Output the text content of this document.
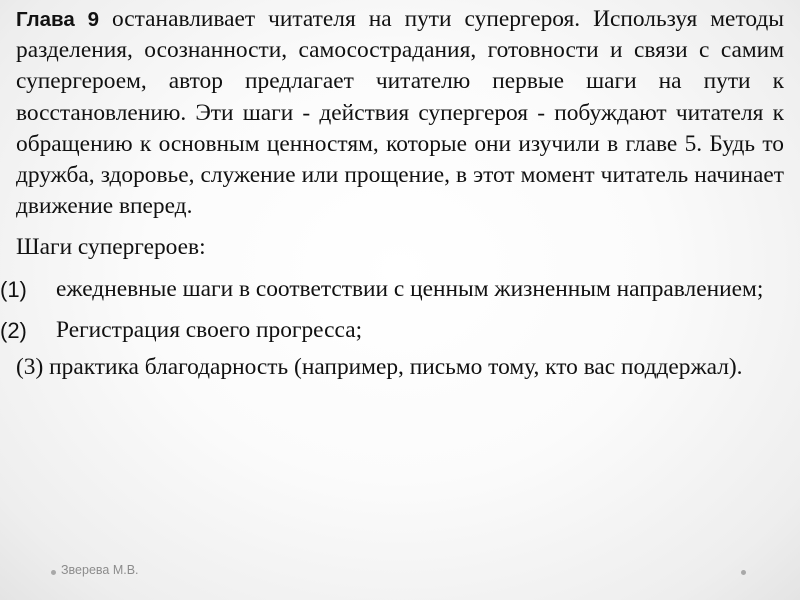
Глава 9 останавливает читателя на пути супергероя. Используя методы разделения, осознанности, самосострадания, готовности и связи с самим супергероем, автор предлагает читателю первые шаги на пути к восстановлению. Эти шаги - действия супергероя - побуждают читателя к обращению к основным ценностям, которые они изучили в главе 5. Будь то дружба, здоровье, служение или прощение, в этот момент читатель начинает движение вперед.

Шаги супергероев:

(1)	ежедневные шаги в соответствии с ценным жизненным направлением;
(2)	Регистрация своего прогресса;

(3) практика благодарность (например, письмо тому, кто вас поддержал).

Зверева М.В.
